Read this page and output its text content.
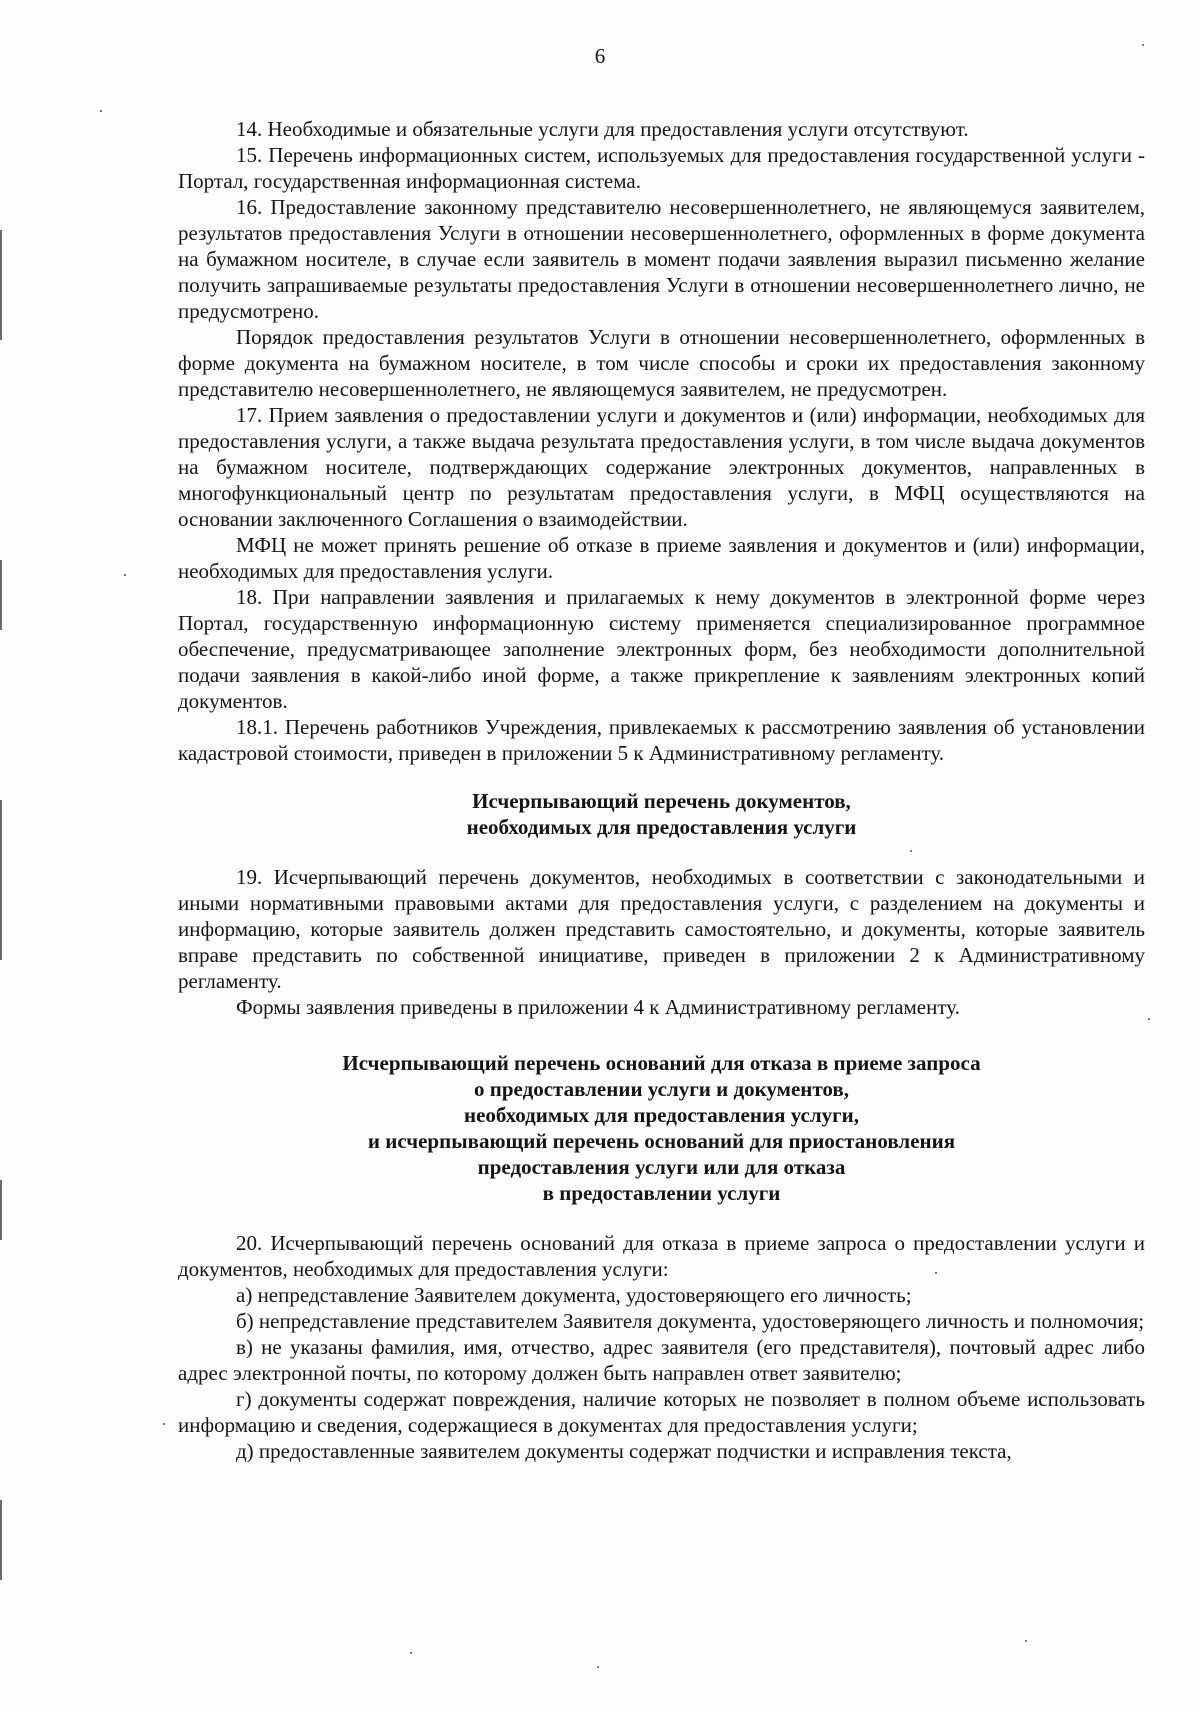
6

14. Необходимые и обязательные услуги для предоставления услуги отсутствуют.

15. Перечень информационных систем, используемых для предоставления государственной услуги - Портал, государственная информационная система.

16. Предоставление законному представителю несовершеннолетнего, не являющемуся заявителем, результатов предоставления Услуги в отношении несовершеннолетнего, оформленных в форме документа на бумажном носителе, в случае если заявитель в момент подачи заявления выразил письменно желание получить запрашиваемые результаты предоставления Услуги в отношении несовершеннолетнего лично, не предусмотрено.

Порядок предоставления результатов Услуги в отношении несовершеннолетнего, оформленных в форме документа на бумажном носителе, в том числе способы и сроки их предоставления законному представителю несовершеннолетнего, не являющемуся заявителем, не предусмотрен.

17. Прием заявления о предоставлении услуги и документов и (или) информации, необходимых для предоставления услуги, а также выдача результата предоставления услуги, в том числе выдача документов на бумажном носителе, подтверждающих содержание электронных документов, направленных в многофункциональный центр по результатам предоставления услуги, в МФЦ осуществляются на основании заключенного Соглашения о взаимодействии.

МФЦ не может принять решение об отказе в приеме заявления и документов и (или) информации, необходимых для предоставления услуги.

18. При направлении заявления и прилагаемых к нему документов в электронной форме через Портал, государственную информационную систему применяется специализированное программное обеспечение, предусматривающее заполнение электронных форм, без необходимости дополнительной подачи заявления в какой-либо иной форме, а также прикрепление к заявлениям электронных копий документов.

18.1. Перечень работников Учреждения, привлекаемых к рассмотрению заявления об установлении кадастровой стоимости, приведен в приложении 5 к Административному регламенту.

Исчерпывающий перечень документов,
необходимых для предоставления услуги

19. Исчерпывающий перечень документов, необходимых в соответствии с законодательными и иными нормативными правовыми актами для предоставления услуги, с разделением на документы и информацию, которые заявитель должен представить самостоятельно, и документы, которые заявитель вправе представить по собственной инициативе, приведен в приложении 2 к Административному регламенту.

Формы заявления приведены в приложении 4 к Административному регламенту.

Исчерпывающий перечень оснований для отказа в приеме запроса
о предоставлении услуги и документов,
необходимых для предоставления услуги,
и исчерпывающий перечень оснований для приостановления
предоставления услуги или для отказа
в предоставлении услуги

20. Исчерпывающий перечень оснований для отказа в приеме запроса о предоставлении услуги и документов, необходимых для предоставления услуги:

а) непредставление Заявителем документа, удостоверяющего его личность;

б) непредставление представителем Заявителя документа, удостоверяющего личность и полномочия;

в) не указаны фамилия, имя, отчество, адрес заявителя (его представителя), почтовый адрес либо адрес электронной почты, по которому должен быть направлен ответ заявителю;

г) документы содержат повреждения, наличие которых не позволяет в полном объеме использовать информацию и сведения, содержащиеся в документах для предоставления услуги;

д) предоставленные заявителем документы содержат подчистки и исправления текста,
